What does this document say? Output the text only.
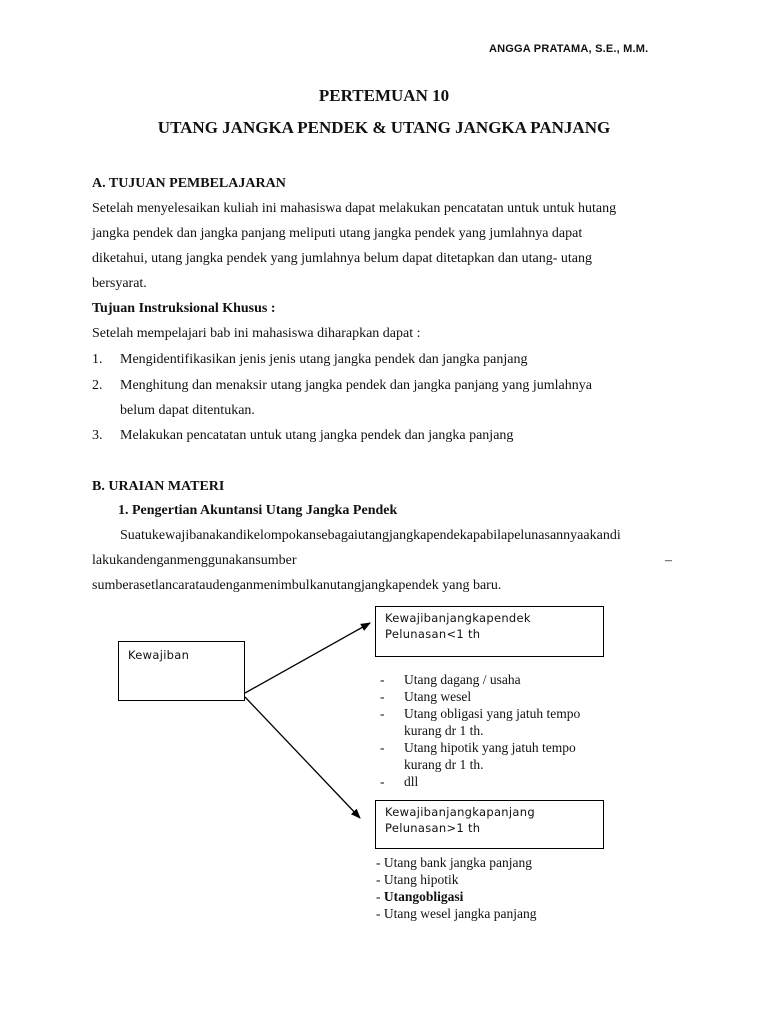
ANGGA PRATAMA, S.E., M.M.
PERTEMUAN 10
UTANG JANGKA PENDEK & UTANG JANGKA PANJANG
A. TUJUAN PEMBELAJARAN
Setelah menyelesaikan kuliah ini mahasiswa dapat melakukan pencatatan untuk untuk hutang
jangka pendek dan jangka panjang meliputi utang jangka pendek yang jumlahnya dapat
diketahui, utang jangka pendek yang jumlahnya belum dapat ditetapkan dan utang- utang
bersyarat.
Tujuan Instruksional Khusus :
Setelah mempelajari bab ini mahasiswa diharapkan dapat :
1. Mengidentifikasikan jenis jenis utang jangka pendek dan jangka panjang
2. Menghitung dan menaksir utang jangka pendek dan jangka panjang yang jumlahnya
belum dapat ditentukan.
3. Melakukan pencatatan untuk utang jangka pendek dan jangka panjang
B. URAIAN MATERI
1. Pengertian Akuntansi Utang Jangka Pendek
Suatukewajibanakandikelompokansebagaiutangjangkapendekapabilapelunasannyaakandi
lakukandenganmenggunakansumber	–
sumberasetlancarataudenganmenimbulkanutangjangkapendek yang baru.
Kewajiban
Kewajibanjangkapendek
Pelunasan<1 th
- Utang dagang / usaha
- Utang wesel
- Utang obligasi yang jatuh tempo
kurang dr 1 th.
- Utang hipotik yang jatuh tempo
kurang dr 1 th.
- dll
Kewajibanjangkapanjang
Pelunasan>1 th
- Utang bank jangka panjang
- Utang hipotik
- Utangobligasi
- Utang wesel jangka panjang
